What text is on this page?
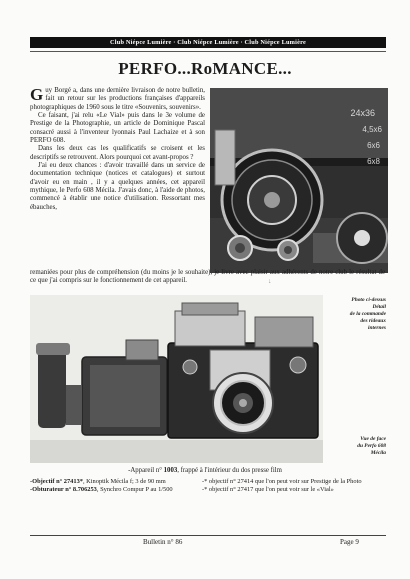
Club Niépce Lumière · Club Niépce Lumière · Club Niépce Lumière
PERFO...RoMANCE...

Guy Borgé a, dans une dernière livraison de notre bulletin, fait un retour sur les productions françaises d'appareils photographiques de 1960 sous le titre «Souvenirs, souvenirs».

Ce faisant, j'ai relu «Le Vial» puis dans le 3e volume de Prestige de la Photographie, un article de Dominique Pascal consacré aussi à l'inventeur lyonnais Paul Lachaize et à son PERFO 608.

Dans les deux cas les qualificatifs se croisent et les descriptifs se retrouvent. Alors pourquoi cet avant-propos ?

J'ai eu deux chances : d'avoir travaillé dans un service de documentation technique (notices et catalogues) et surtout d'avoir eu en main , il y a quelques années, cet appareil mythique, le Perfo 608 Mécila. J'avais donc, à l'aide de photos, commencé à établir une notice d'utilisation. Ressortant mes ébauches,

24x36
4,5x6
6x6
6x8
remaniées pour plus de compréhension (du moins je le souhaite), je livre avec plaisir aux adhérents de notre club le résultat de ce que j'ai compris sur le fonctionnement de cet appareil.	↓
Photo ci-dessus
Détail
de la commande
des rideaux
internes
Vue de face
du Perfo 608
Mécila
-Appareil n° 1003, frappé à l'intérieur du dos presse film
-Objectif n° 27413*, Kinoptik Mécila f; 3 de 90 mm	-* objectif n° 27414 que l'on peut voir sur Prestige de la Photo
-Obturateur n° 8.706253, Synchro Compur P au 1/500	-* objectif n° 27417 que l'on peut voir sur le «Vial»
Bulletin n° 86	Page 9
